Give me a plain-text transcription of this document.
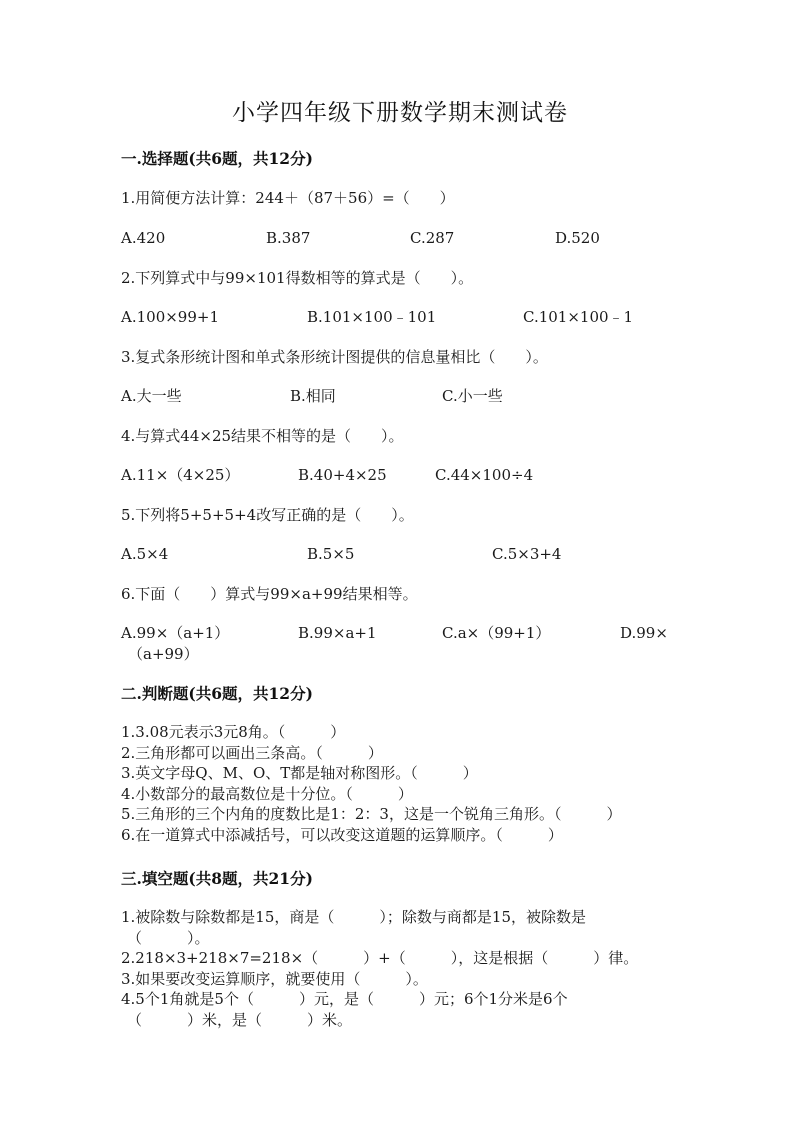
小学四年级下册数学期末测试卷
一.选择题(共6题，共12分)
1.用简便方法计算：244＋（87＋56）=（　　）
A.420	B.387	C.287	D.520
2.下列算式中与99×101得数相等的算式是（　　）。
A.100×99+1	B.101×100﹣101	C.101×100﹣1
3.复式条形统计图和单式条形统计图提供的信息量相比（　　）。
A.大一些	B.相同	C.小一些
4.与算式44×25结果不相等的是（　　）。
A.11×（4×25）	B.40+4×25	C.44×100÷4
5.下列将5+5+5+4改写正确的是（　　）。
A.5×4	B.5×5	C.5×3+4
6.下面（　　）算式与99×a+99结果相等。
A.99×（a+1）	B.99×a+1	C.a×（99+1）	D.99×
（a+99）
二.判断题(共6题，共12分)
1.3.08元表示3元8角。（　　　）
2.三角形都可以画出三条高。（　　　）
3.英文字母Q、M、O、T都是轴对称图形。（　　　）
4.小数部分的最高数位是十分位。（　　　）
5.三角形的三个内角的度数比是1：2：3，这是一个锐角三角形。（　　　）
6.在一道算式中添减括号，可以改变这道题的运算顺序。（　　　）
三.填空题(共8题，共21分)
1.被除数与除数都是15，商是（　　　）；除数与商都是15，被除数是
（　　　）。
2.218×3+218×7=218×（　　　）+（　　　），这是根据（　　　）律。
3.如果要改变运算顺序，就要使用（　　　）。
4.5个1角就是5个（　　　）元，是（　　　）元；6个1分米是6个
（　　　）米，是（　　　）米。
